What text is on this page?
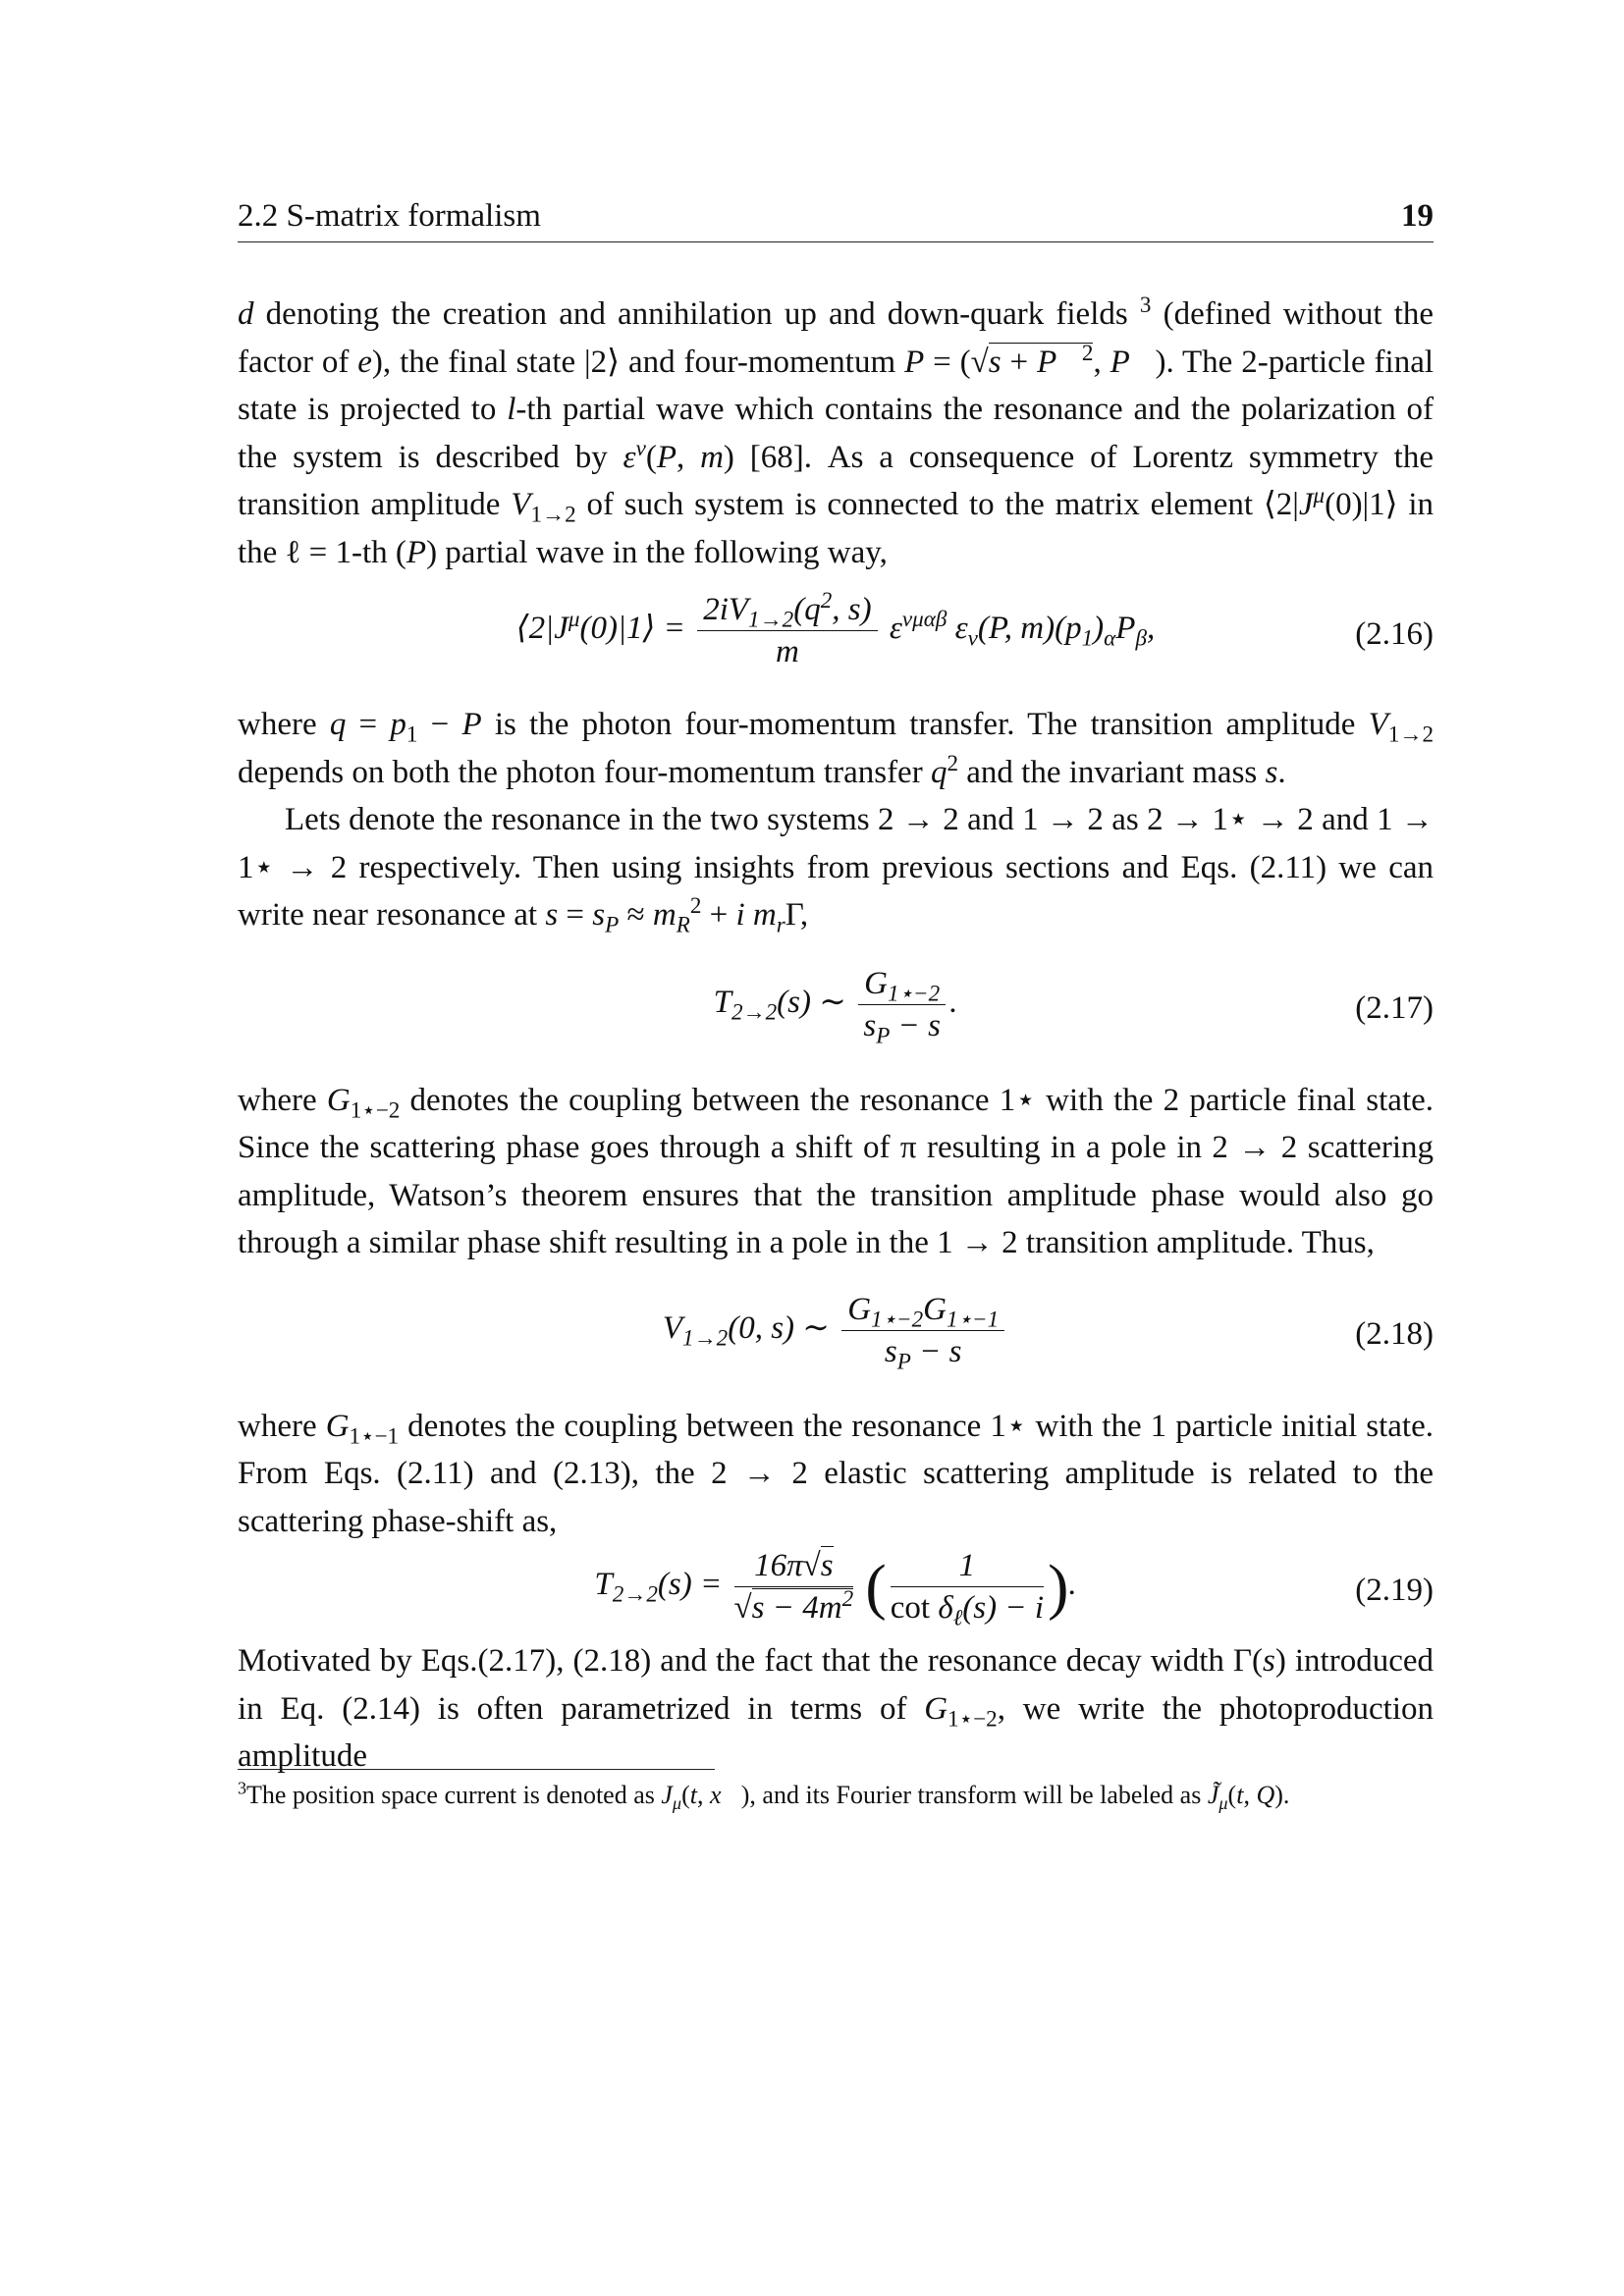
2.2 S-matrix formalism	19

d denoting the creation and annihilation up and down-quark fields $^3$ (defined without the factor of e), the final state |2⟩ and four-momentum P = (√s + P⃗$^2$, P⃗). The 2-particle final state is projected to l-th partial wave which contains the resonance and the polarization of the system is described by $\varepsilon^\nu(P$, m) [68]. As a consequence of Lorentz symmetry the transition amplitude $V_{1\to 2}$ of such system is connected to the matrix element $⟨2|J^\mu(0)|1⟩$ in the ℓ = 1-th (P) partial wave in the following way,

$⟨2|J^\mu(0)|1⟩ = \frac{2iV_{1\to 2}(q^2, s)}{m} \varepsilon^{\nu\mu\alpha\beta}$ $\varepsilon_\nu(P$, $m)(p_1)_\alpha P_\beta$,	(2.16)

where $q = p_1 - P$ is the photon four-momentum transfer. The transition amplitude $V_{1\to 2}$ depends on both the photon four-momentum transfer $q^2$ and the invariant mass s.

Lets denote the resonance in the two systems 2 → 2 and 1 → 2 as 2 → 1⋆ → 2 and 1 → 1⋆ → 2 respectively. Then using insights from previous sections and Eqs. (2.11) we can write near resonance at $s = s_P \approx m_R^2 + i$ $m_r\Gamma$,

$T_{2\to 2}(s)$ ∼ $\frac{G_{1⋆-2}}{s_P - s}$ .	(2.17)

where $G_{1⋆-2}$ denotes the coupling between the resonance 1⋆ with the 2 particle final state. Since the scattering phase goes through a shift of π resulting in a pole in 2 → 2 scattering amplitude, Watson’s theorem ensures that the transition amplitude phase would also go through a similar phase shift resulting in a pole in the 1 → 2 transition amplitude. Thus,

$V_{1\to 2}(0$, s) ∼ $\frac{G_{1⋆-2}G_{1⋆-1}}{s_P - s}$	(2.18)

where $G_{1⋆-1}$ denotes the coupling between the resonance 1⋆ with the 1 particle initial state. From Eqs. (2.11) and (2.13), the 2 → 2 elastic scattering amplitude is related to the scattering phase-shift as,

$T_{2\to 2}(s) = \frac{16\pi√s}{√s - 4m^2}$ ( $\frac{1}{\cot \delta_\ell(s) - i}$ ).	(2.19)

Motivated by Eqs.(2.17), (2.18) and the fact that the resonance decay width Γ(s) introduced in Eq. (2.14) is often parametrized in terms of $G_{1⋆-2}$, we write the photoproduction amplitude

$^3$The position space current is denoted as $J_\mu(t$, x⃗), and its Fourier transform will be labeled as $J̃_\mu(t$, Q).
